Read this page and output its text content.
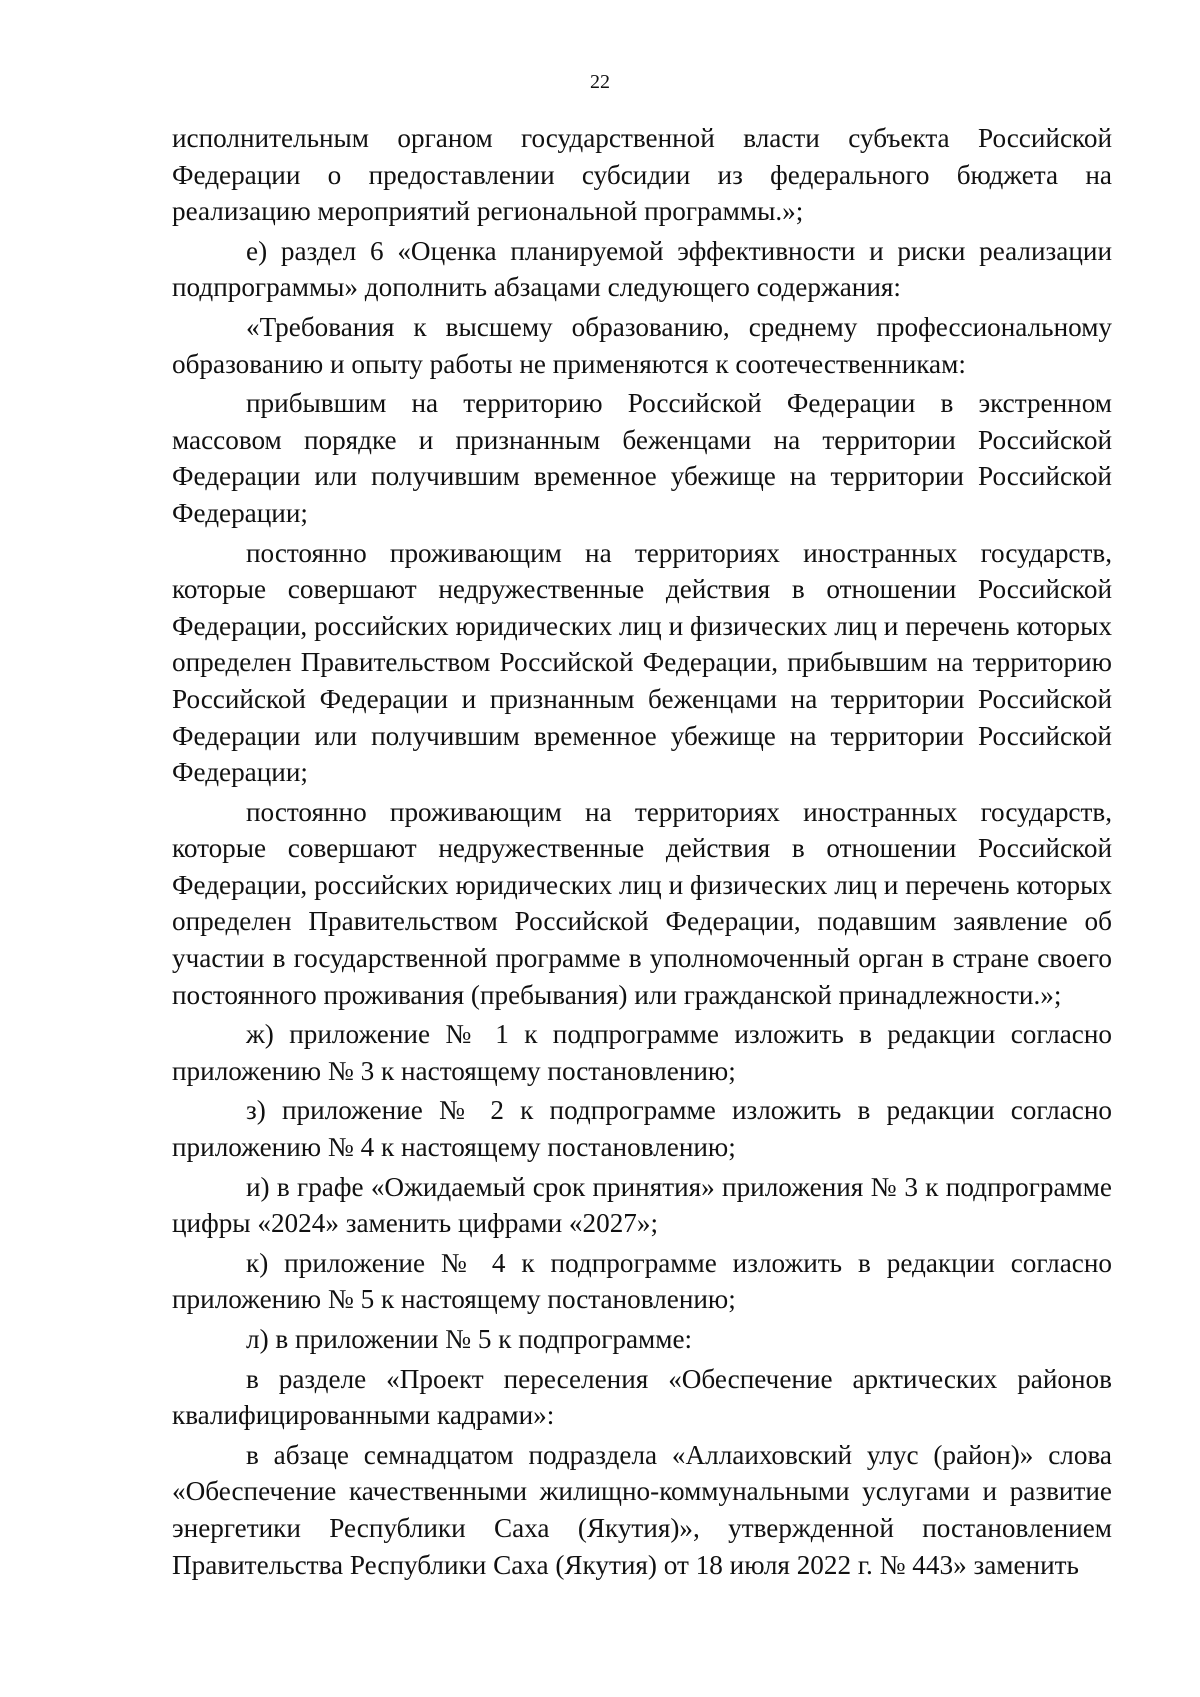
22

исполнительным органом государственной власти субъекта Российской Федерации о предоставлении субсидии из федерального бюджета на реализацию мероприятий региональной программы.»;

е) раздел 6 «Оценка планируемой эффективности и риски реализации подпрограммы» дополнить абзацами следующего содержания:

«Требования к высшему образованию, среднему профессиональному образованию и опыту работы не применяются к соотечественникам:

прибывшим на территорию Российской Федерации в экстренном массовом порядке и признанным беженцами на территории Российской Федерации или получившим временное убежище на территории Российской Федерации;

постоянно проживающим на территориях иностранных государств, которые совершают недружественные действия в отношении Российской Федерации, российских юридических лиц и физических лиц и перечень которых определен Правительством Российской Федерации, прибывшим на территорию Российской Федерации и признанным беженцами на территории Российской Федерации или получившим временное убежище на территории Российской Федерации;

постоянно проживающим на территориях иностранных государств, которые совершают недружественные действия в отношении Российской Федерации, российских юридических лиц и физических лиц и перечень которых определен Правительством Российской Федерации, подавшим заявление об участии в государственной программе в уполномоченный орган в стране своего постоянного проживания (пребывания) или гражданской принадлежности.»;

ж) приложение № 1 к подпрограмме изложить в редакции согласно приложению № 3 к настоящему постановлению;

з) приложение № 2 к подпрограмме изложить в редакции согласно приложению № 4 к настоящему постановлению;

и) в графе «Ожидаемый срок принятия» приложения № 3 к подпрограмме цифры «2024» заменить цифрами «2027»;

к) приложение № 4 к подпрограмме изложить в редакции согласно приложению № 5 к настоящему постановлению;

л) в приложении № 5 к подпрограмме:

в разделе «Проект переселения «Обеспечение арктических районов квалифицированными кадрами»:

в абзаце семнадцатом подраздела «Аллаиховский улус (район)» слова «Обеспечение качественными жилищно-коммунальными услугами и развитие энергетики Республики Саха (Якутия)», утвержденной постановлением Правительства Республики Саха (Якутия) от 18 июля 2022 г. № 443» заменить
